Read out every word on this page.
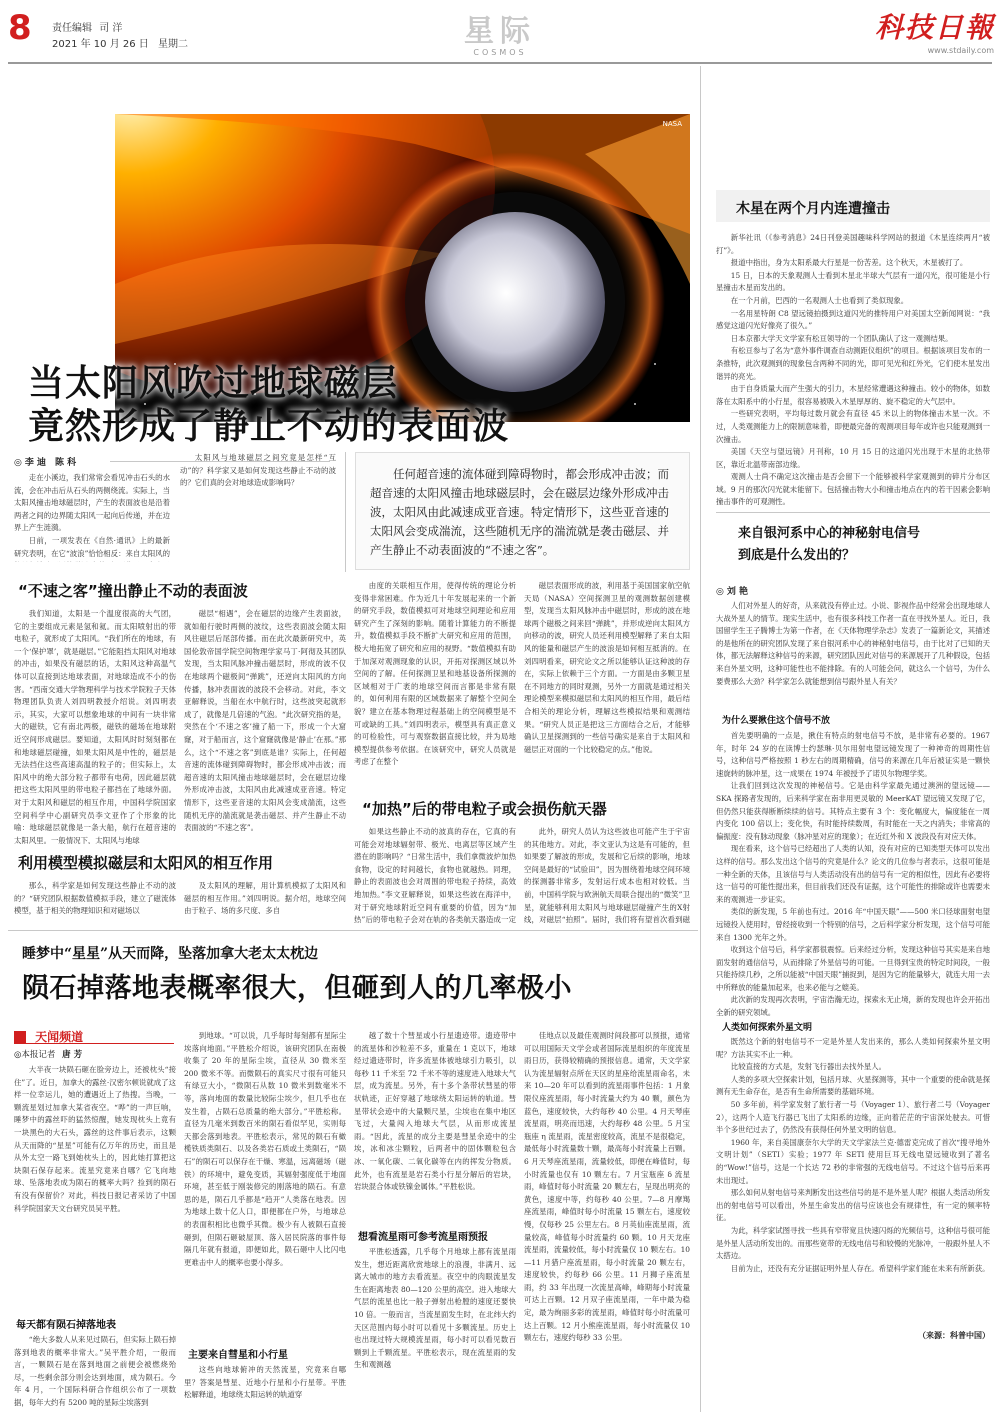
8 责任编辑 司 洋
2021 年 10 月 26 日 星期二	星际
COSMOS
科技日報
www.stdaily.com
NASA
当太阳风吹过地球磁层
竟然形成了静止不动的表面波
◎ 李 迪　陈 科

走在小溪边，我们常常会看见冲击石头的水流，会在冲击后从石头的两侧绕流。实际上，当太阳风撞击地球磁层时，产生的表面波也是沿着两者之间的边界随太阳风一起向后传递，并在边界上产生涟漪。

日前，一项发表在《自然·通讯》上的最新研究表明，在它“波浪”恰恰相反：来自太阳风的

太阳风与地球磁层之间究竟是怎样“互动”的？科学家又是如何发现这些静止不动的波的？它们真的会对地球造成影响吗？

任何超音速的流体碰到障碍物时，都会形成冲击波；而超音速的太阳风撞击地球磁层时，会在磁层边缘外形成冲击波，太阳风由此减速成亚音速。特定情形下，这些亚音速的太阳风会变成湍流，这些随机无序的湍流就是袭击磁层、并产生静止不动表面波的“不速之客”。
“不速之客”撞出静止不动的表面波

我们知道，太阳是一个温度很高的大气团，它的主要组成元素是氢和氦。而太阳喷射出的带电粒子，就形成了太阳风。“我们所在的地球，有一个‘保护罩’，就是磁层。”它能阻挡太阳风对地球的冲击，如果没有磁层的话，太阳风这种高温气体可以直接到达地球表面，对地球造成不小的伤害。“西南交通大学物理科学与技术学院粒子天体物理团队负责人刘四明教授介绍说。刘四明表示，其实，大家可以想象地球的中间有一块非常大的磁铁，它有南北两极，磁铁的磁场在地球附近空间形成磁层。要知道，太阳风时时刻刻都在和地球磁层碰撞，如果太阳风是中性的，磁层是无法挡住这些高速高温的粒子的；但实际上，太阳风中的绝大部分粒子都带有电荷，因此磁层就把这些太阳风里的带电粒子都挡在了地球外面。对于太阳风和磁层的相互作用，中国科学院国家空间科学中心副研究员李文亚作了个形象的比喻：地球磁层就像是一条大船，航行在超音速的太阳风里。一般情况下，太阳风与地球

磁层“相遇”，会在磁层的边缘产生表面波，就如船行驶时两侧的波纹，这些表面波会随太阳风往磁层后尾部传播。而在此次最新研究中，英国伦敦帝国学院空间物理学家马丁·阿彻及其团队发现，当太阳风脉冲撞击磁层时，形成的波不仅在地球两个磁极间“弹跳”，还逆向太阳风的方向传播，脉冲表面波的波段不会移动。对此，李文亚解释说，当船在水中航行时，这些波突起就形成了，就像是几倍速的气泡。“此次研究指的是，突然在个‘不速之客’撞了船一下，形成一个大窟窿，对于船而言，这个窟窿就像是‘静止’在那。”那么，这个“不速之客”到底是谁？实际上，任何超音速的流体碰到障碍物时，都会形成冲击波；而超音速的太阳风撞击地球磁层时，会在磁层边缘外形成冲击波，太阳风由此减速成亚音速。特定情形下，这些亚音速的太阳风会变成湍流，这些随机无序的湍流就是袭击磁层、并产生静止不动表面波的“不速之客”。

由度的关联相互作用，使得传统的理论分析变得非常困难。作为近几十年发展起来的一个新的研究手段，数值模拟可对地球空间理论和应用研究产生了深刻的影响。随着计算能力的不断提升，数值模拟手段不断扩大研究和应用的范围，极大地拓宽了研究和应用的视野。“数值模拟有助于加深对观测现象的认识，开拓对探测区域以外空间的了解。任何探测卫星和地基设备所探测的区域相对于广袤的地球空间而言都是非常有限的，如何利用有限的区域数据来了解整个空间全貌？建立在基本物理过程基础上的空间模型是不可或缺的工具。”刘四明表示，模型具有真正意义的可检验性，可与观察数据直接比较，并为局地模型提供参考依据。在该研究中，研究人员就是考虑了在整个

磁层表面形成的波，利用基于美国国家航空航天局（NASA）空间探测卫星的观测数据创建模型，发现当太阳风脉冲击中磁层时，形成的波在地球两个磁极之间来回“弹跳”，并形成逆向太阳风方向移动的波，研究人员还利用模型解释了来自太阳风的能量和磁层产生的波浪是如何相互抵消的。在刘四明看来，研究论文之所以能够认证这种波的存在，实际上依赖于三个方面。一方面是由多颗卫星在不同地方的同时观测，另外一方面就是通过相关理论模型来模拟磁层和太阳风的相互作用，最后结合相关的理论分析，理解这些模拟结果和观测结果。“研究人员正是把这三方面结合之后，才能够确认卫星探测到的一些信号确实是来自于太阳风和磁层正对面的一个比较稳定的点。”他说。

利用模型模拟磁层和太阳风的相互作用

那么，科学家是如何发现这些静止不动的波的？“研究团队根据数值模拟手段，建立了磁流体模型，基于相关的物理知识和对磁场以

及太阳风的理解，用计算机模拟了太阳风和磁层的相互作用。”刘四明说。据介绍，地球空间由于粒子、场的多尺度、多自

“加热”后的带电粒子或会损伤航天器

如果这些静止不动的波真的存在，它真的有可能会对地球辐射带、极光、电离层等区域产生潜在的影响吗？“日常生活中，我们拿微波炉加热食物，设定的时间越长，食物也就越热。同理，静止的表面波也会对周围的带电粒子持续，高效地加热。”李文亚解释说，如果这些波在海洋中，对于研究地球附近空间有重要的价值，因为“加热”后的带电粒子会对在轨的各类航天器造成一定

此外，研究人员认为这些波也可能产生于宇宙的其他地方。对此，李文亚认为这是有可能的，但如果要了解波的形成，发展和它后续的影响，地球空间是最好的“试验田”，因为围绕着地球空间环境的探测器非常多，发射运行成本也相对较低。当前，中国科学院与欧洲航天局联合提出的“微笑”卫星，就能够利用太阳风与地球磁层碰撞产生的X射线，对磁层“拍照”。届时，我们将有望首次看到磁

木星在两个月内连遭撞击

新华社讯（《参考消息》24日刊登美国趣味科学网站的报道《木星连续两月“被打”》。

报道中指出，身为太阳系最大行星是一份苦差。这个秋天，木星被打了。

15 日，日本的天象观测人士看到木星北半球大气层有一道闪光，很可能是小行星撞击木星而发出的。

在一个月前，巴西的一名观测人士也看到了类似现象。

一名用星特朗 C8 望远镜拍摄到这道闪光的推特用户对美国太空新闻网说：“我感觉这道闪光好像亮了很久。”

日本京都大学天文学家有松亘领导的一个团队确认了这一观测结果。

有松亘参与了名为“意外事件调查自动测距仪组织”的项目。根据该项目发布的一条推特，此次观测到的现象包含两种不同的光，即可见光和红外光，它们使木星发出谐异的亮光。

由于自身质量大而产生强大的引力，木星经常遭遇这种撞击。较小的物体，如数落在太阳系中的小行星，很容易被吸入木星厚厚的、旋不稳定的大气层中。

一些研究表明，平均每过数月就会有直径 45 米以上的物体撞击木星一次。不过，人类观测能力上的限制意味着，即便最完备的观测项目每年或许也只能观测到一次撞击。

美国《天空与望远镜》月刊称，10 月 15 日的这道闪光出现于木星的北热带区，靠近北温带南部边缘。

观测人士尚不确定这次撞击是否会留下一个能够被科学家观测到的碎片分布区域。9 月的那次闪光就未能留下。包括撞击物大小和撞击地点在内的若干因素会影响撞击事件的可观测性。

来自银河系中心的神秘射电信号
到底是什么发出的？
◎ 刘 艳

人们对外星人的好奇，从来就没有停止过。小说、影视作品中经常会出现地球人大战外星人的情节。现实生活中，也有很多科技工作者一直在寻找外星人。近日，我国留学生王子腾博士为第一作者，在《天体物理学杂志》发表了一篇新论文，其描述的是他所在的研究团队发现了来自银河系中心的神秘射电信号，由于比对了已知的天体，都无法解释这种信号的来源，研究团队因此对信号的来源展开了几种假设，包括来自外星文明，这种可能性也不能排除。有的人可能会问，就这么一个信号，为什么要费那么大劲？科学家怎么就能想到信号跟外星人有关？

为什么要揪住这个信号不放

首先要明确的一点是，揪住有特点的射电信号不放，是非常有必要的。1967 年，时年 24 岁的在读博士约瑟琳·贝尔用射电望远镜发现了一种神奇的周期性信号，这种信号严格按照 1 秒左右的周期精确，信号的来源在几年后被证实是一颗快速旋转的脉冲星，这一成果在 1974 年被授予了诺贝尔物理学奖。

让我们回到这次发现的神秘信号。它是由科学家最先通过澳洲的望远镜——SKA 探路者发现的，后来科学家在南非用更灵敏的 MeerKAT 望远镜又发现了它，但仍然只能获得断断续续的信号。其特点主要有 3 个：变化幅度大，偏度能在一周内变化 100 倍以上；变化快，有时能持续数周，有时能在一天之内消失；非常高的偏振度：没有脉动现象（脉冲星对应的现象）；在近红外和 X 波段没有对应天体。

现在看来，这个信号已经超出了人类的认知，没有对应的已知类型天体可以发出这样的信号。那么发出这个信号的究竟是什么？论文的几位参与者表示，这很可能是一种全新的天体，且该信号与人类活动没有出的信号有一定的相似性，因此有必要将这一信号的可能性提出来，但目前我们还没有证据，这个可能性的排除或许也需要未来的观测进一步证实。

类似的新发现，5 年前也有过。2016 年“中国天眼”——500 米口径球面射电望远镜投入使用时，曾经接收到一个特别的信号，之后科学家分析发现，这个信号可能来自 1300 光年之外。

收到这个信号后，科学家都很震惊。后来经过分析，发现这种信号其实是来自地面发射的通信信号，从而排除了外星信号的可能。一旦得到宝贵的特定时间段，一般只能持续几秒，之所以能被“中国天眼”捕捉到，是因为它的能量够大，就连大用一去中所释放的能量加起来，也来必能与之媲美。

此次新的发现再次表明，宇宙浩瀚无边，探索永无止境，新的发现也许会开拓出全新的研究领域。

人类如何探索外星文明

既然这个新的射电信号不一定是外星人发出来的，那么人类如何探索外星文明呢？方法其实不止一种。

比较直接的方式是，发射飞行器出去找外星人。

人类的多项大空探索计划，包括月球、火星探测等，其中一个重要的使命就是探测有无生命存在，是否有生命所需要的基础环境。

50 多年前，科学家发射了旅行者一号（Voyager 1）、旅行者二号（Voyager 2），这两个人造飞行器已飞出了太阳系的边缘，正向着茫茫的宇宙深处驶去。可惜半个多世纪过去了，仍然没有获得任何外星文明的信息。

1960 年，来自美国康奈尔大学的天文学家法兰克·德雷克完成了首次“搜寻地外文明计划”（SETI）实验；1977 年 SETI 使用巨耳无线电望远镜收到了著名的“Wow!”信号，这是一个长达 72 秒的非常强的无线电信号。不过这个信号后来再未出现过。

那么如何从射电信号来判断发出这些信号的是不是外星人呢？根据人类活动所发出的射电信号可以看出，外星生命发出的信号应该也会有规律性，有一定的频率特征。

为此，科学家试图寻找一些具有窄带宽且快速闪烁的光频信号，这种信号很可能是外星人活动所发出的。而那些宽带的无线电信号和较慢的光脉冲，一般跟外星人不太搭边。

目前为止，还没有充分证据证明外星人存在。希望科学家们能在未来有所新获。

（来源：科普中国）
睡梦中“星星”从天而降，坠落加拿大老太太枕边
陨石掉落地表概率很大，但砸到人的几率极小
天闻频道
◎本报记者 唐 芳

大半夜一块陨石砸在脸旁边上，还被枕头“接住”了。近日，加拿大的露丝·汉密尔顿说就成了这样一位幸运儿，她的遭遇近上了热搜。当晚，一颗流星划过加拿大某省夜空。“哗”的一声巨响，睡梦中的露丝吓的猛然惊醒，她发现枕头上竟有一块黑色的大石头，露丝的这件事后表示，这颗从天而降的“星星”可能有亿万年的历史，而且是从外太空一路飞到她枕头上的，因此她打算把这块陨石保存起来。流星究竟来自哪？它飞向地球、坠落地表成为陨石的概率大吗？捡到的陨石有没有保留价？对此，科技日报记者采访了中国科学院国家天文台研究员吴平胜。

每天都有陨石掉落地表

“绝大多数人从来见过陨石，但实际上陨石掉落到地表的概率非常大。”吴平胜介绍，一般而言，一颗陨石是在落到地面之前便会被燃烧殆尽，一些剩余部分则会达到地面，成为陨石。今年 4 月，一个国际科研合作组织公布了一项数据，每年大约有 5200 吨的星际尘埃落到

到地球。“可以说，几乎每时每刻都有星际尘埃落向地面。”平胜松介绍说，该研究团队在南极收集了 20 年的星际尘埃，直径从 30 微米至 200 微米不等。而微陨石的真实尺寸很有可能只有绿豆大小，“微陨石从数 10 微米到数毫米不等，落向地面的数量比较际尘埃少，但几乎也在发生着，占陨石总质量的绝大部分。”平胜松称。直径为几毫米到数百米的陨石看似罕见，实则每天都会落到地表。平胜松表示，常见的陨石有橄榄铁质类陨石、以及各类岩石质或土类陨石，“陨石”的陨石可以保存在干燥、寒温，远离磁场（磁铁）的环境中，避免变质，其辐射强度低于地面环境，甚至低于刚装修完的刚落地的陨石。有意思的是，陨石几乎都是“趋开”人类落在地表。因为地球上数十亿人口，即便都在户外，与地球总的表面积相比也微乎其微。极少有人被陨石直接砸到，但陨石砸破屋顶、落入居民院落的事件每隔几年就有报道，即便如此，陨石砸中人比闪电更难击中人的概率也要小得多。

主要来自彗星和小行星

这些向地球俯冲的天然流星，究竟来自哪里？答案是彗星、近地小行星和小行星带。平胜松解释道，地球绕太阳运转的轨道穿

越了数十个彗星或小行星遗迹带。遗迹带中的流星体和沙粒差不多，重量在 1 克以下，地球经过遗迹带时，许多流星体被地球引力吸引，以每秒 11 千米至 72 千米不等的速度进入地球大气层，成为流星。另外，有十多个条带状彗星的带状轨迹，正好穿越了地球绕太阳运转的轨道。彗星带状会迹中的大量颗尺星，尘埃也在集中地区飞过，大量闯入地球大气层，从而形成流星雨。“因此，流星的成分主要是彗星余迹中的尘埃，冰和冰尘颗粒，后两者中的固体颗粒包含冰、一氧化碳、二氧化碳等在内的挥发分物质。此外，也有流星是岩石类小行星分解后的岩块，岩块混合体或铁镍金属体。”平胜松说。

想看流星雨可参考流星雨预报

平胜松透露，几乎每个月地球上都有流星雨发生，想近距离欣赏地球上的浪漫，非满月、远离大城市的地方去看流星。夜空中的肉眼流星发生在距离地表 80—120 公里的高空。进入地球大气层的流星也比一般子弹射出枪膛的速度还要快 10 倍。一般而言，当流星面发生时，在北纬大约天区范围内每小时可以看见十多颗流星。历史上也出现过特大规模流星雨，每小时可以看见数百颗到上千颗流星。平胜松表示，现在流星雨的发生和观测越

佳地点以及最佳观测时间段都可以预报，通常可以用国际天文学会或者国际流星组织的年度流星雨日历，获得较精确的预报信息。通常，天文学家认为流星辐射点所在天区的星座给流星雨命名，未来 10—20 年可以看到的流星雨事件包括：1 月象限仪座流星雨，每小时流量大约为 40 颗，颜色为蓝色，速度较快，大约每秒 40 公里。4 月天琴座流星雨，明亮而迅速，大约每秒 48 公里。5 月宝瓶座 η 流星雨，流星密度较高，流星不是很稳定，最低每小时流量数十颗，最高每小时流量上百颗。6 月天琴座流星雨，流量较低，即便在峰值时，每小时流量也仅有 10 颗左右。7 月宝瓶座 δ 流星雨，峰值时每小时流量 20 颗左右，呈现出明亮的黄色，速度中等，约每秒 40 公里。7—8 月摩羯座流星雨，峰值时每小时流量 15 颗左右，速度较慢，仅每秒 25 公里左右。8 月英仙座流星雨，流量较高，峰值每小时流量约 60 颗。10 月天龙座流星雨，流量较低，每小时流量仅 10 颗左右。10—11 月猎户座流星雨，每小时流量 20 颗左右，速度较快，约每秒 66 公里。11 月狮子座流星雨，约 33 年出现一次流星高峰，峰期每小时流量可达上百颗。12 月双子座流星雨，一年中最为稳定，最为绚丽多彩的流星雨，峰值时每小时流量可达上百颗。12 月小熊座流星雨，每小时流量仅 10 颗左右，速度约每秒 33 公里。
